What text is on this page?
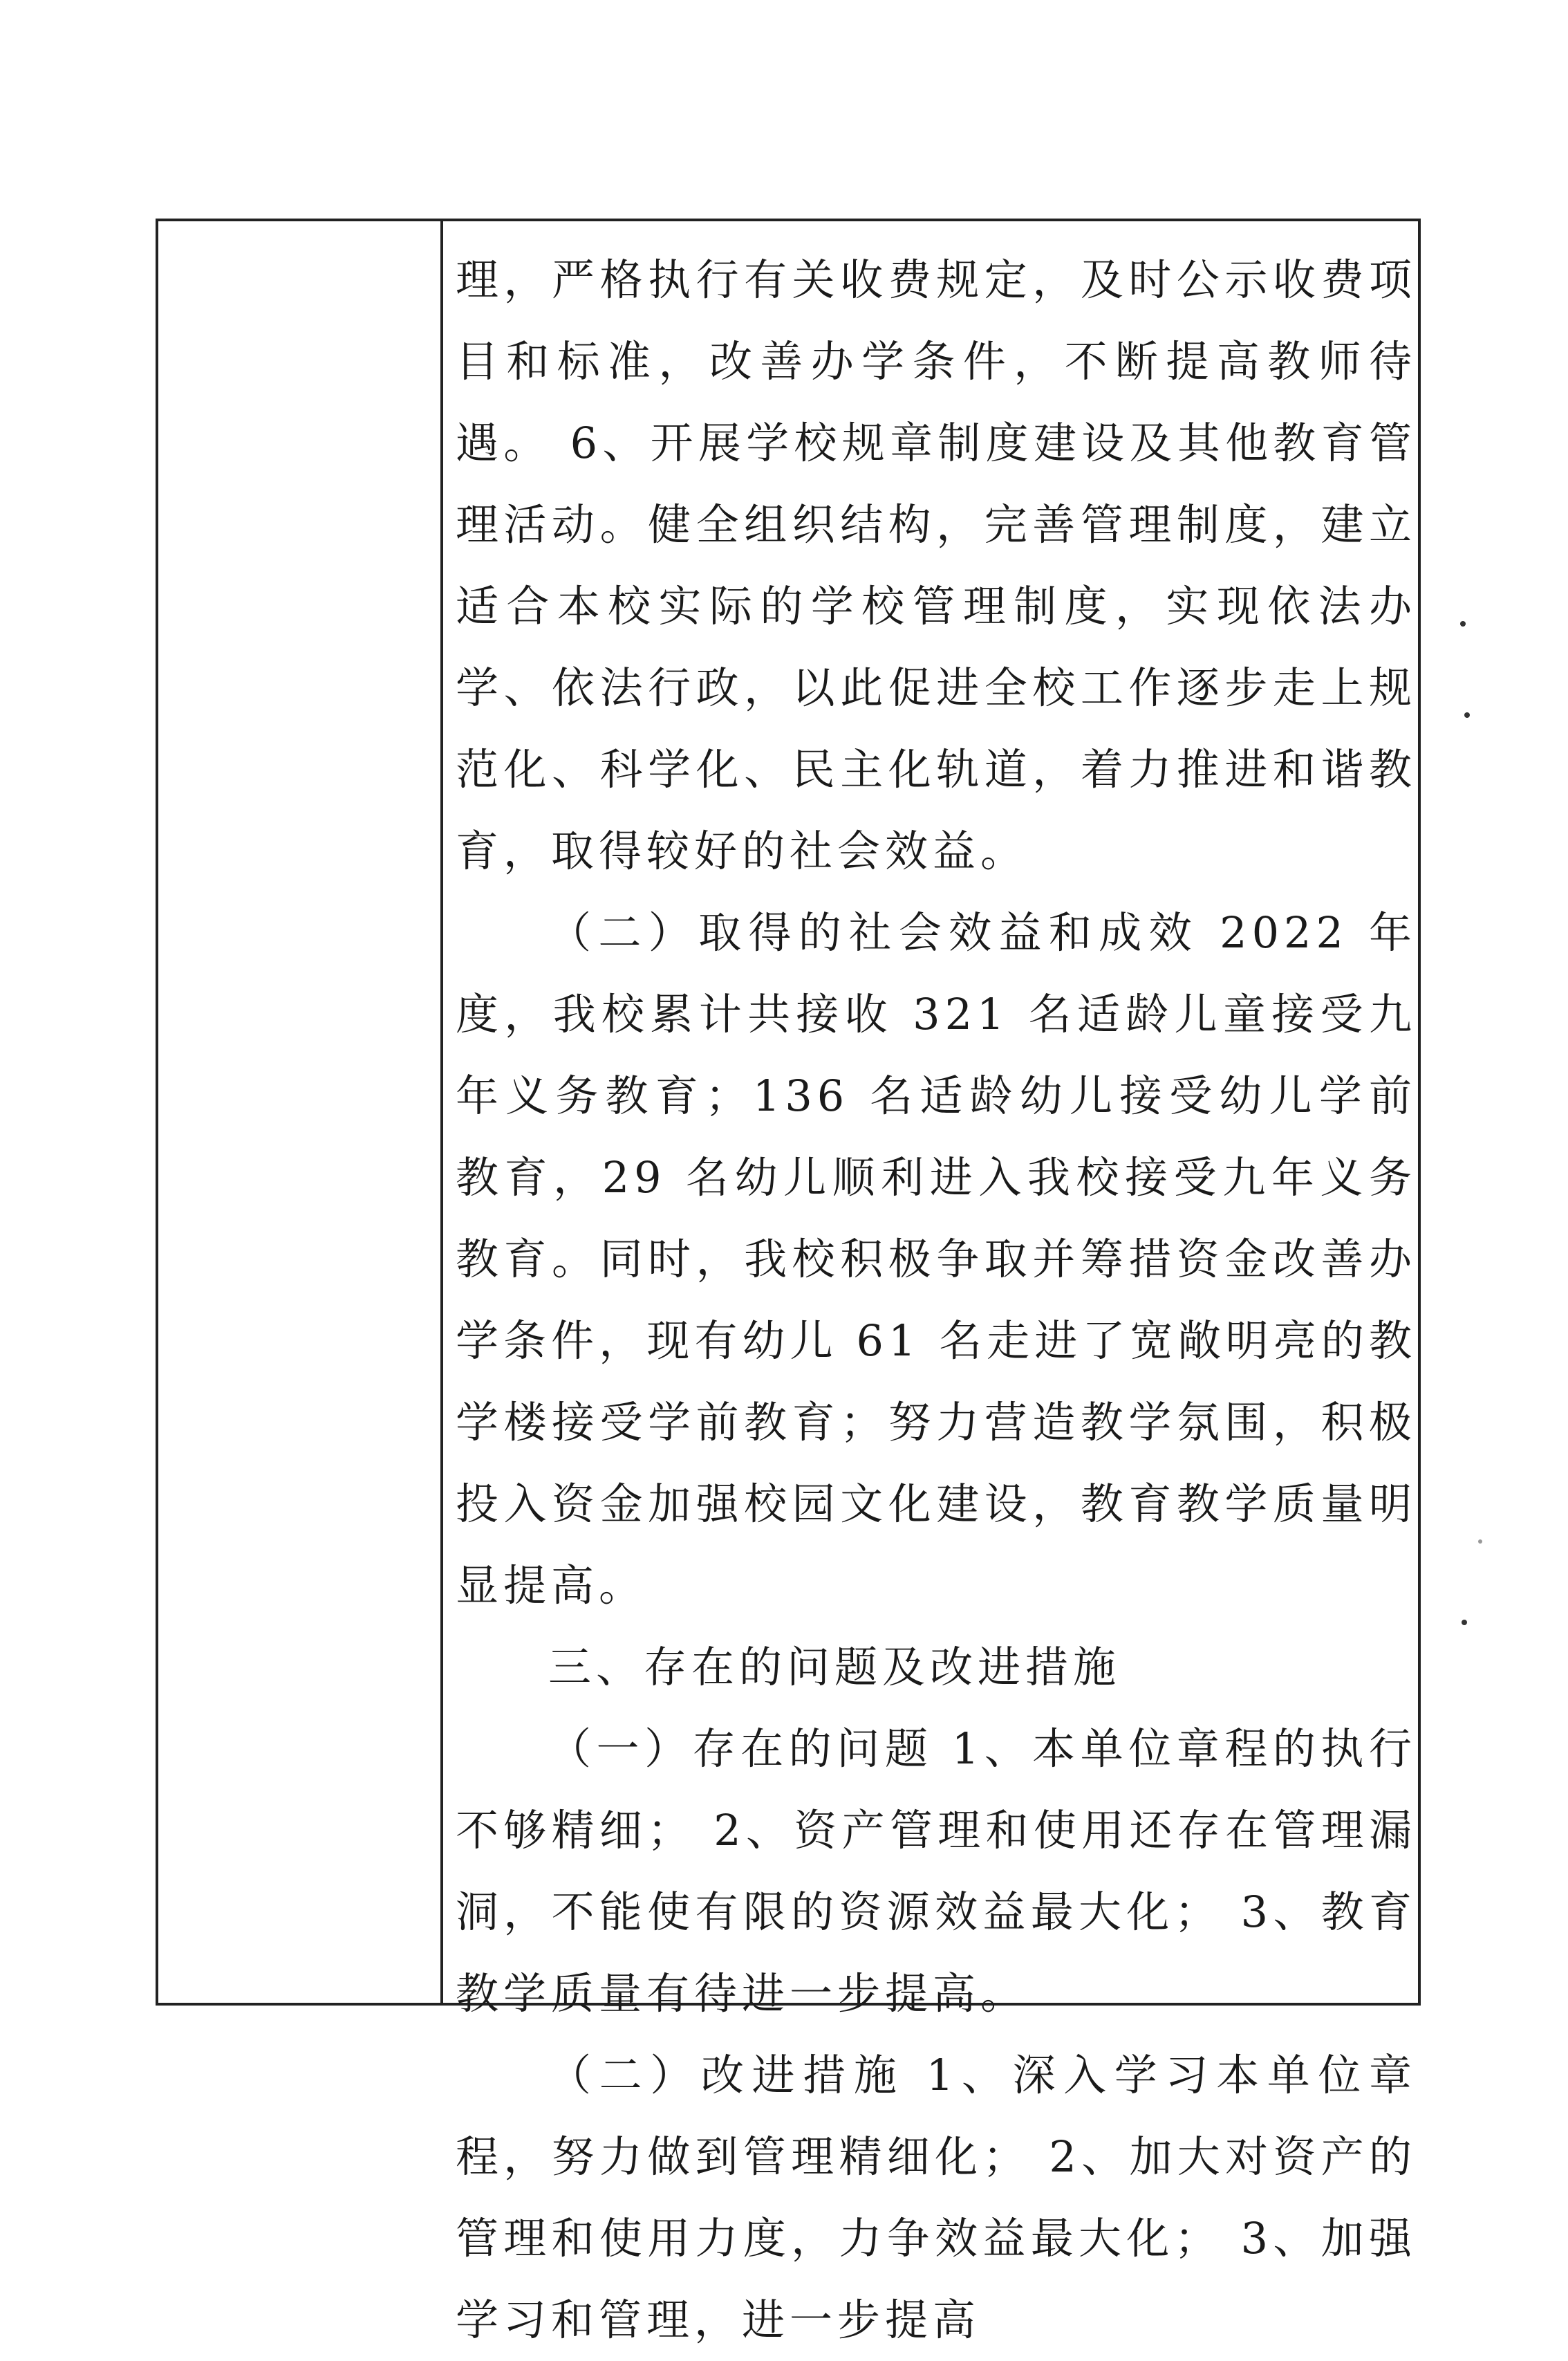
理，严格执行有关收费规定，及时公示收费项目和标准，改善办学条件，不断提高教师待遇。 6、开展学校规章制度建设及其他教育管理活动。健全组织结构，完善管理制度，建立适合本校实际的学校管理制度，实现依法办学、依法行政，以此促进全校工作逐步走上规范化、科学化、民主化轨道，着力推进和谐教育，取得较好的社会效益。

（二）取得的社会效益和成效 2022 年度，我校累计共接收 321 名适龄儿童接受九年义务教育；136 名适龄幼儿接受幼儿学前教育，29 名幼儿顺利进入我校接受九年义务教育。同时，我校积极争取并筹措资金改善办学条件，现有幼儿 61 名走进了宽敞明亮的教学楼接受学前教育；努力营造教学氛围，积极投入资金加强校园文化建设，教育教学质量明显提高。

三、存在的问题及改进措施

（一）存在的问题 1、本单位章程的执行不够精细； 2、资产管理和使用还存在管理漏洞，不能使有限的资源效益最大化； 3、教育教学质量有待进一步提高。

（二）改进措施 1、深入学习本单位章程，努力做到管理精细化； 2、加大对资产的管理和使用力度，力争效益最大化； 3、加强学习和管理，进一步提高
